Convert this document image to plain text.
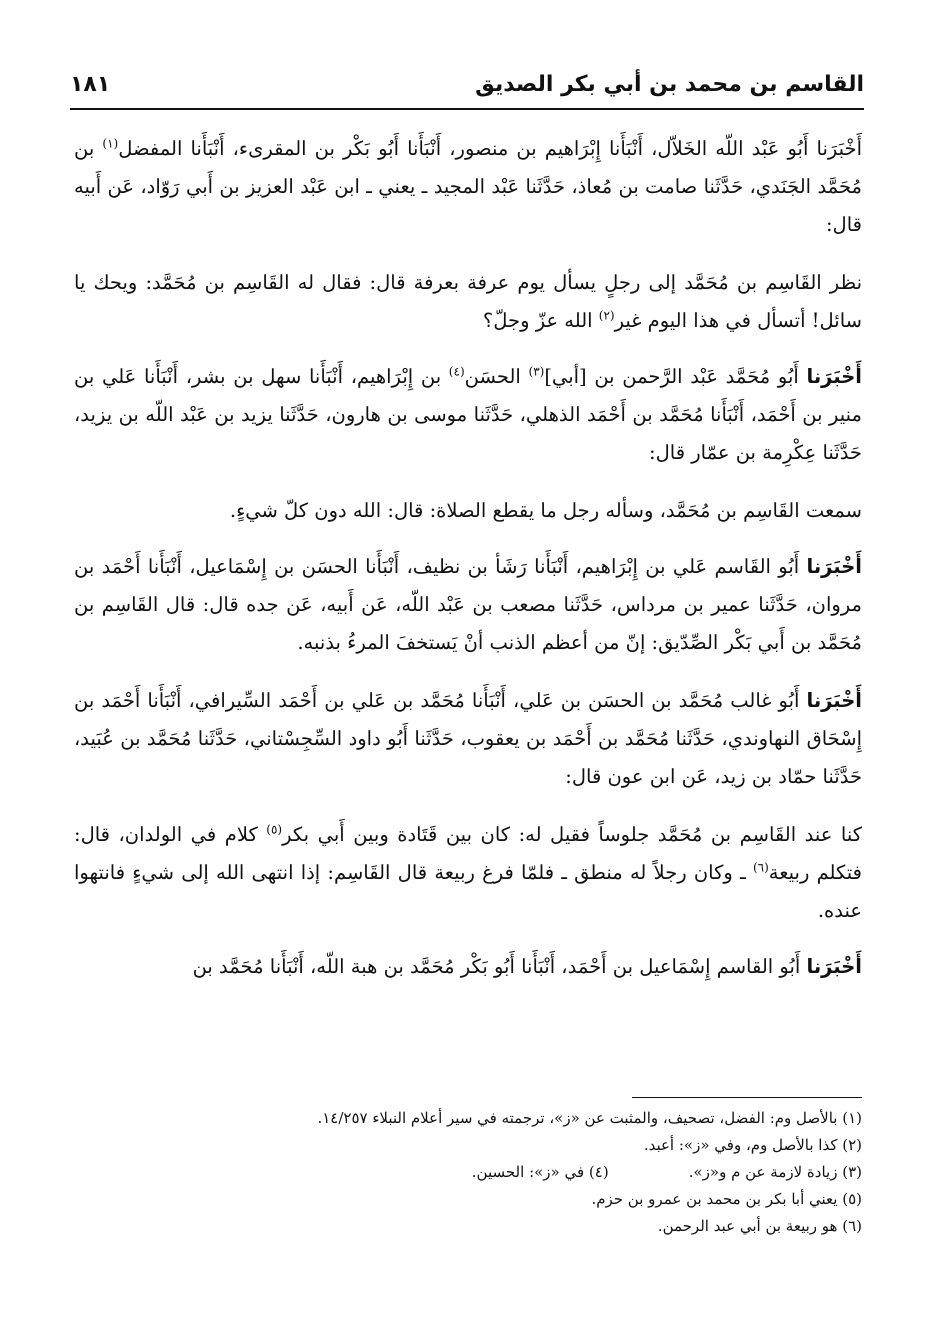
القاسم بن محمد بن أبي بكر الصديق
١٨١

أَخْبَرَنا أَبُو عَبْد اللّه الخَلاّل، أَنْبَأَنا إِبْرَاهيم بن منصور، أَنْبَأَنا أَبُو بَكْر بن المقرىء، أَنْبَأَنا المفضل$^{(١)}$ بن مُحَمَّد الجَنَدي، حَدَّثَنا صامت بن مُعاذ، حَدَّثَنا عَبْد المجيد ـ يعني ـ ابن عَبْد العزيز بن أَبي رَوّاد، عَن أَبيه قال:

نظر القَاسِم بن مُحَمَّد إلى رجلٍ يسأل يوم عرفة بعرفة قال: فقال له القَاسِم بن مُحَمَّد: ويحك يا سائل! أتسأل في هذا اليوم غير$^{(٢)}$ الله عزّ وجلّ؟

أَخْبَرَنا أَبُو مُحَمَّد عَبْد الرَّحمن بن [أبي]$^{(٣)}$ الحسَن$^{(٤)}$ بن إِبْرَاهيم، أَنْبَأَنا سهل بن بشر، أَنْبَأَنا عَلي بن منير بن أَحْمَد، أَنْبَأَنا مُحَمَّد بن أَحْمَد الذهلي، حَدَّثَنا موسى بن هارون، حَدَّثَنا يزيد بن عَبْد اللّه بن يزيد، حَدَّثَنا عِكْرِمة بن عمّار قال:

سمعت القَاسِم بن مُحَمَّد، وسأله رجل ما يقطع الصلاة: قال: الله دون كلّ شيءٍ.

أَخْبَرَنا أَبُو القَاسم عَلي بن إِبْرَاهيم، أَنْبَأَنا رَشَأ بن نظيف، أَنْبَأَنا الحسَن بن إِسْمَاعيل، أَنْبَأَنا أَحْمَد بن مروان، حَدَّثَنا عمير بن مرداس، حَدَّثَنا مصعب بن عَبْد اللّه، عَن أَبيه، عَن جده قال: قال القَاسِم بن مُحَمَّد بن أَبي بَكْر الصِّدّيق: إنّ من أعظم الذنب أنْ يَستخفَ المرءُ بذنبه.

أَخْبَرَنا أَبُو غالب مُحَمَّد بن الحسَن بن عَلي، أَنْبَأَنا مُحَمَّد بن عَلي بن أَحْمَد السِّيرافي، أَنْبَأَنا أَحْمَد بن إِسْحَاق النهاوندي، حَدَّثَنا مُحَمَّد بن أَحْمَد بن يعقوب، حَدَّثَنا أَبُو داود السِّجِسْتاني، حَدَّثَنا مُحَمَّد بن عُبَيد، حَدَّثَنا حمّاد بن زيد، عَن ابن عون قال:

كنا عند القَاسِم بن مُحَمَّد جلوساً فقيل له: كان بين قَتَادة وبين أَبي بكر$^{(٥)}$ كلام في الولدان، قال: فتكلم ربيعة$^{(٦)}$ ـ وكان رجلاً له منطق ـ فلمّا فرغ ربيعة قال القَاسِم: إذا انتهى الله إلى شيءٍ فانتهوا عنده.

أَخْبَرَنا أَبُو القاسم إِسْمَاعيل بن أَحْمَد، أَنْبَأَنا أَبُو بَكْر مُحَمَّد بن هبة اللّه، أَنْبَأَنا مُحَمَّد بن

(١) بالأصل وم: الفضل، تصحيف، والمثبت عن «ز»، ترجمته في سير أعلام النبلاء ١٤/٢٥٧.
(٢) كذا بالأصل وم، وفي «ز»: أعبد.
(٣) زيادة لازمة عن م و«ز».
(٤) في «ز»: الحسين.
(٥) يعني أبا بكر بن محمد بن عمرو بن حزم.
(٦) هو ربيعة بن أبي عبد الرحمن.
